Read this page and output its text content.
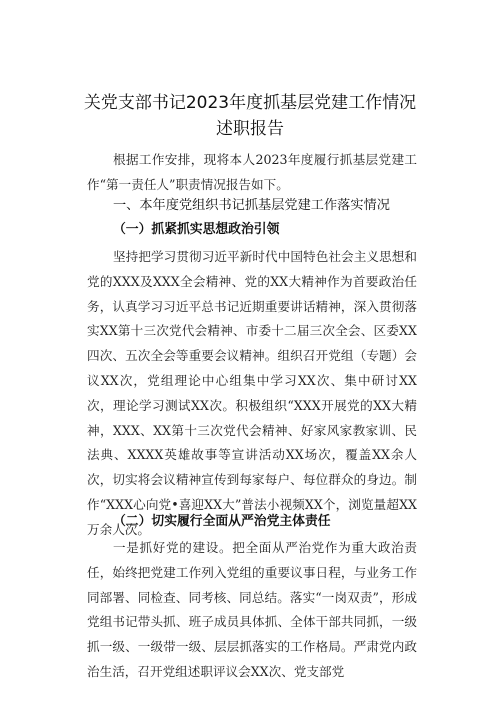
关党支部书记2023年度抓基层党建工作情况
述职报告

根据工作安排，现将本人2023年度履行抓基层党建工作“第一责任人”职责情况报告如下。

一、本年度党组织书记抓基层党建工作落实情况

（一）抓紧抓实思想政治引领

坚持把学习贯彻习近平新时代中国特色社会主义思想和党的XXX及XXX全会精神、党的XX大精神作为首要政治任务，认真学习习近平总书记近期重要讲话精神，深入贯彻落实XX第十三次党代会精神、市委十二届三次全会、区委XX四次、五次全会等重要会议精神。组织召开党组（专题）会议XX次，党组理论中心组集中学习XX次、集中研讨XX次，理论学习测试XX次。积极组织“XXX开展党的XX大精神，XXX、XX第十三次党代会精神、好家风家教家训、民法典、XXXX英雄故事等宣讲活动XX场次，覆盖XX余人次，切实将会议精神宣传到每家每户、每位群众的身边。制作“XXX心向党•喜迎XX大”普法小视频XX个，浏览量超XX万余人次。

（二）切实履行全面从严治党主体责任

一是抓好党的建设。把全面从严治党作为重大政治责任，始终把党建工作列入党组的重要议事日程，与业务工作同部署、同检查、同考核、同总结。落实“一岗双责”，形成党组书记带头抓、班子成员具体抓、全体干部共同抓，一级抓一级、一级带一级、层层抓落实的工作格局。严肃党内政治生活，召开党组述职评议会XX次、党支部党
